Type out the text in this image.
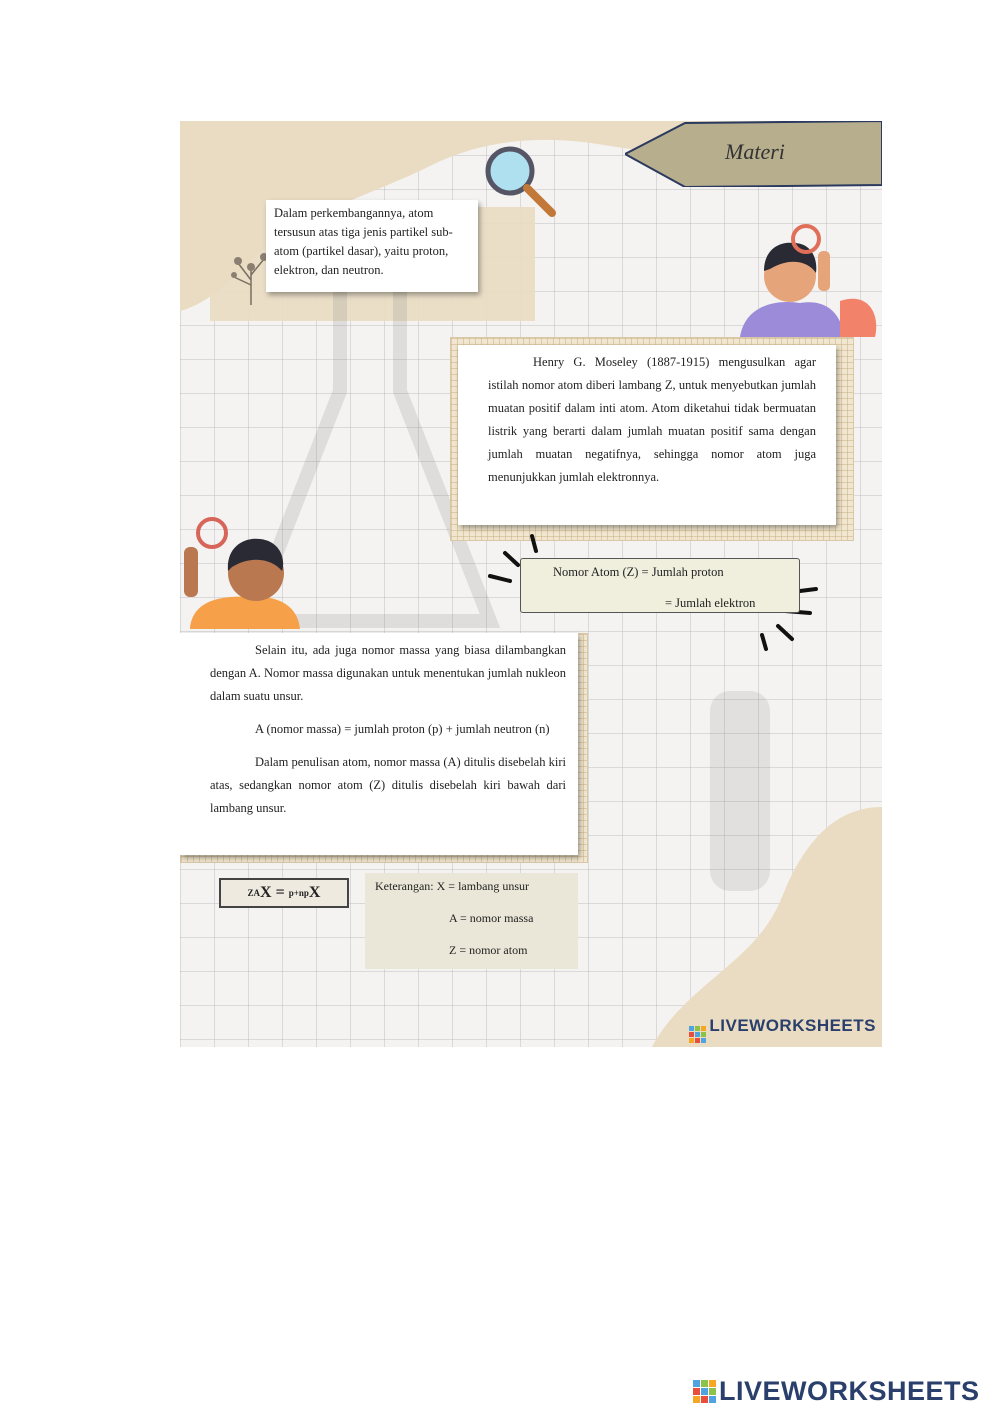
Materi
Dalam perkembangannya, atom tersusun atas tiga jenis partikel sub-atom (partikel dasar), yaitu proton, elektron, dan neutron.

Henry G. Moseley (1887-1915) mengusulkan agar istilah nomor atom diberi lambang Z, untuk menyebutkan jumlah muatan positif dalam inti atom. Atom diketahui tidak bermuatan listrik yang berarti dalam jumlah muatan positif sama dengan jumlah muatan negatifnya, sehingga nomor atom juga menunjukkan jumlah elektronnya.

Nomor Atom (Z) = Jumlah proton
= Jumlah elektron

Selain itu, ada juga nomor massa yang biasa dilambangkan dengan A. Nomor massa digunakan untuk menentukan jumlah nukleon dalam suatu unsur.

A (nomor massa) = jumlah proton (p) + jumlah neutron (n)

Dalam penulisan atom, nomor massa (A) ditulis disebelah kiri atas, sedangkan nomor atom (Z) ditulis disebelah kiri bawah dari lambang unsur.

Z A X = p+n p X	Keterangan: X = lambang unsur
A = nomor massa
Z = nomor atom
LIVEWORKSHEETS
LIVEWORKSHEETS
